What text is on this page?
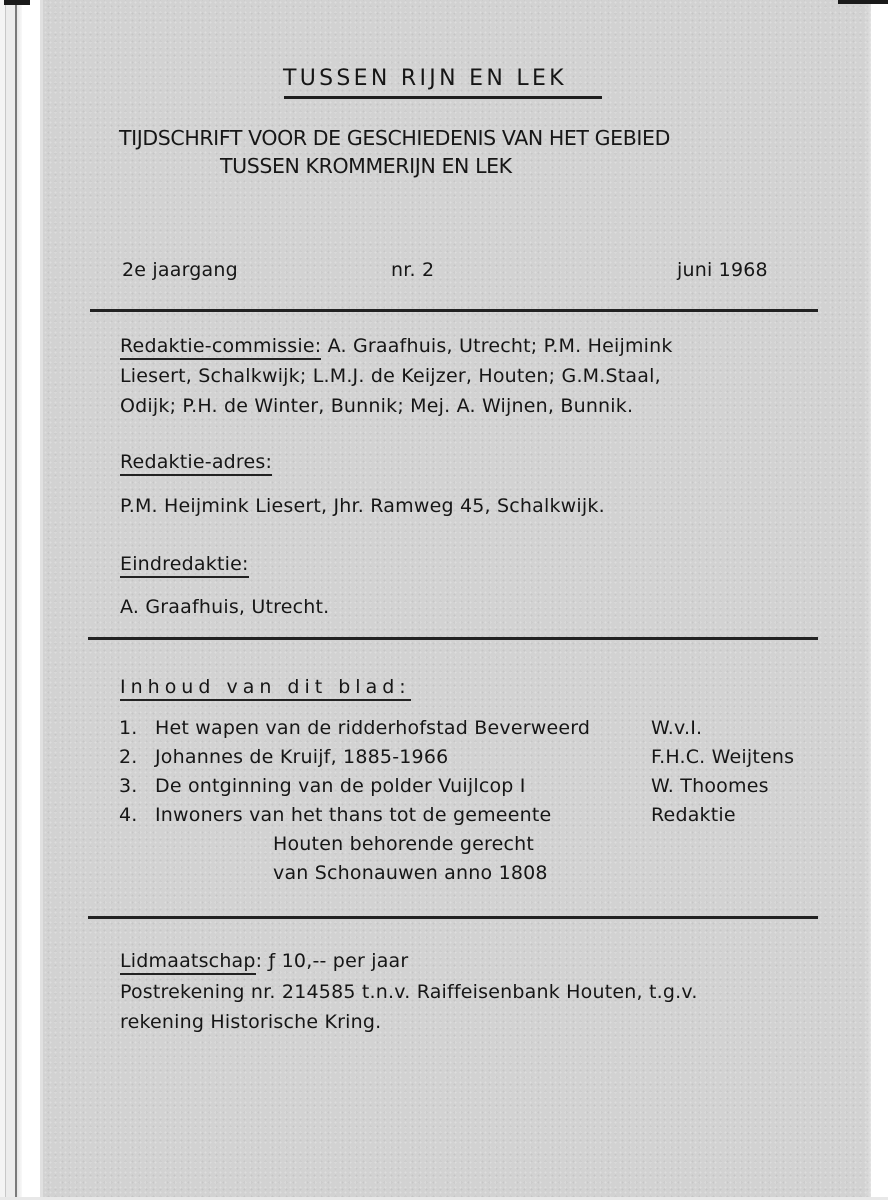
TUSSEN RIJN EN LEK
TIJDSCHRIFT VOOR DE GESCHIEDENIS VAN HET GEBIED
TUSSEN KROMMERIJN EN LEK
2e jaargang	nr. 2	juni 1968
Redaktie-commissie: A. Graafhuis, Utrecht; P.M. Heijmink
Liesert, Schalkwijk; L.M.J. de Keijzer, Houten; G.M.Staal,
Odijk; P.H. de Winter, Bunnik; Mej. A. Wijnen, Bunnik.
Redaktie-adres:
P.M. Heijmink Liesert, Jhr. Ramweg 45, Schalkwijk.
Eindredaktie:
A. Graafhuis, Utrecht.
Inhoud van dit blad:
1. Het wapen van de ridderhofstad Beverweerd	W.v.I.
2. Johannes de Kruijf, 1885-1966	F.H.C. Weijtens
3. De ontginning van de polder Vuijlcop I	W. Thoomes
4. Inwoners van het thans tot de gemeente	Redaktie
Houten behorende gerecht
van Schonauwen anno 1808
Lidmaatschap: ƒ 10,-- per jaar
Postrekening nr. 214585 t.n.v. Raiffeisenbank Houten, t.g.v.
rekening Historische Kring.
